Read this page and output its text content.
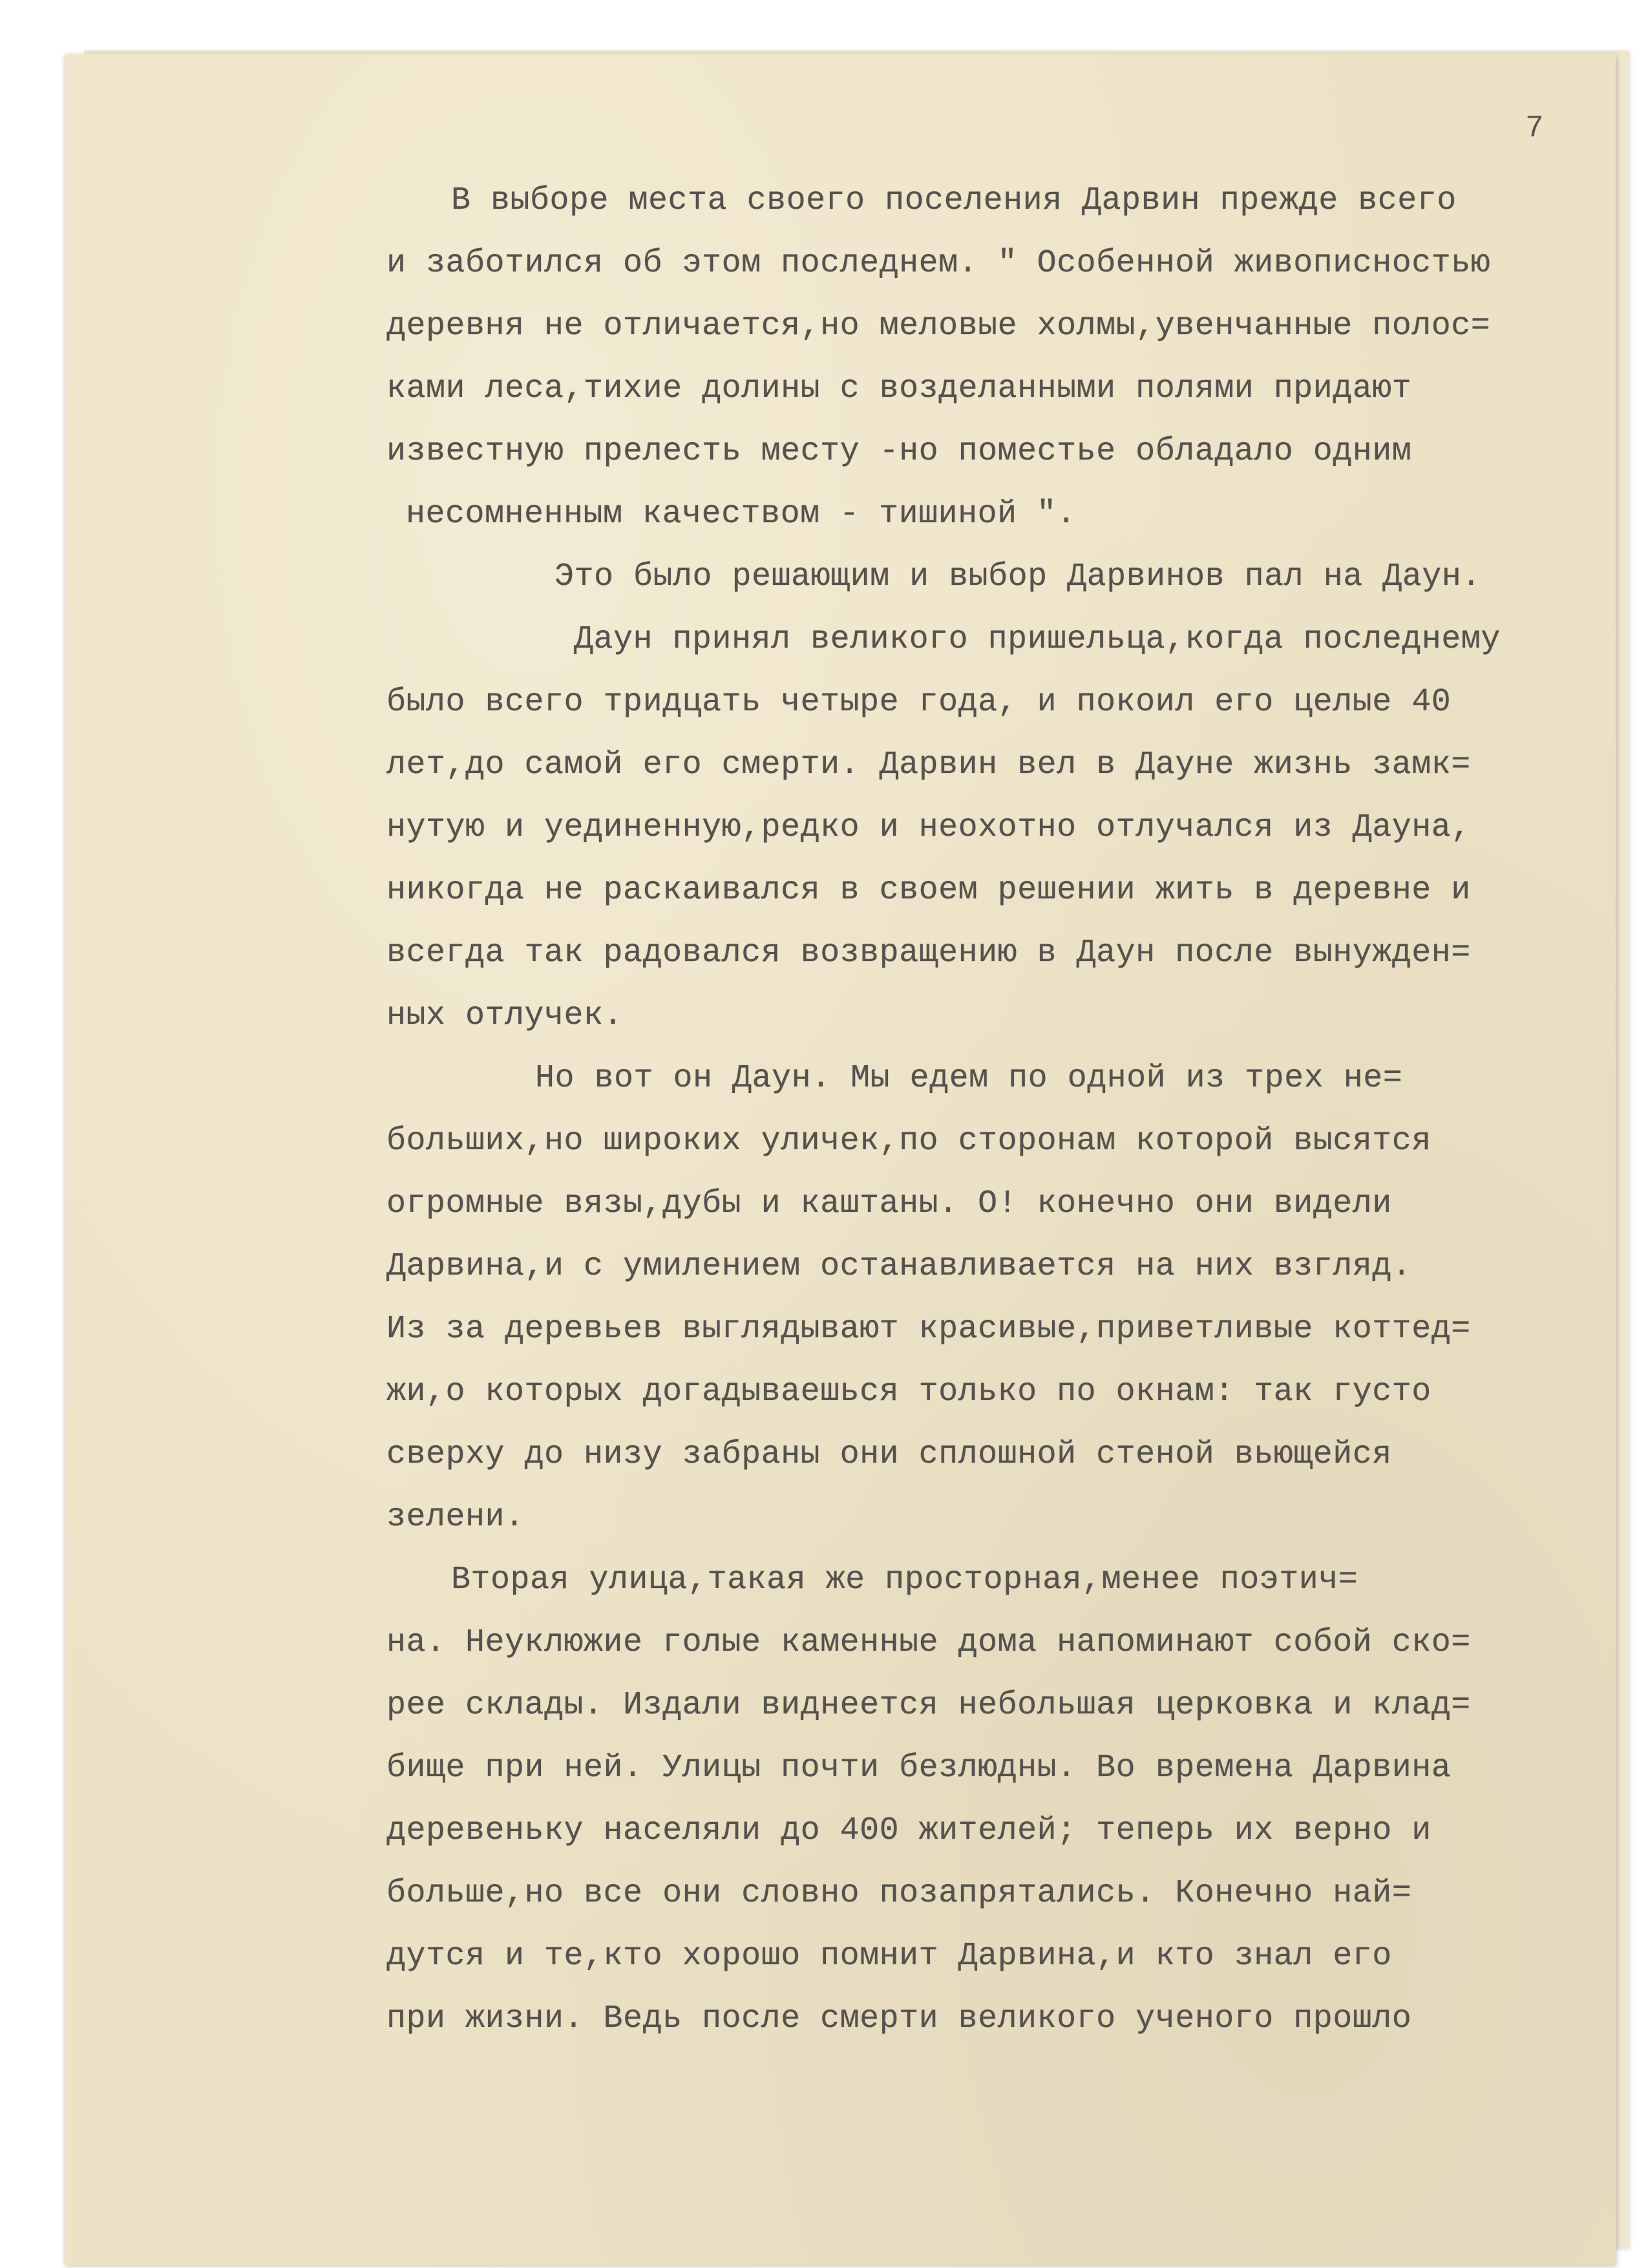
7
В выборе места своего поселения Дарвин прежде всего
и заботился об этом последнем. " Особенной живописностью
деревня не отличается,но меловые холмы,увенчанные полос=
ками леса,тихие долины с возделанными полями придают
известную прелесть месту -но поместье обладало одним
несомненным качеством - тишиной ".
Это было решающим и выбор Дарвинов пал на Даун.
Даун принял великого пришельца,когда последнему
было всего тридцать четыре года, и покоил его целые 40
лет,до самой его смерти. Дарвин вел в Дауне жизнь замк=
нутую и уединенную,редко и неохотно отлучался из Дауна,
никогда не раскаивался в своем решении жить в деревне и
всегда так радовался возвращению в Даун после вынужден=
ных отлучек.
Но вот он Даун. Мы едем по одной из трех не=
больших,но широких уличек,по сторонам которой высятся
огромные вязы,дубы и каштаны. О! конечно они видели
Дарвина,и с умилением останавливается на них взгляд.
Из за деревьев выглядывают красивые,приветливые коттед=
жи,о которых догадываешься только по окнам: так густо
сверху до низу забраны они сплошной стеной вьющейся
зелени.
Вторая улица,такая же просторная,менее поэтич=
на. Неуклюжие голые каменные дома напоминают собой ско=
рее склады. Издали виднеется небольшая церковка и клад=
бище при ней. Улицы почти безлюдны. Во времена Дарвина
деревеньку населяли до 400 жителей; теперь их верно и
больше,но все они словно позапрятались. Конечно най=
дутся и те,кто хорошо помнит Дарвина,и кто знал его
при жизни. Ведь после смерти великого ученого прошло
